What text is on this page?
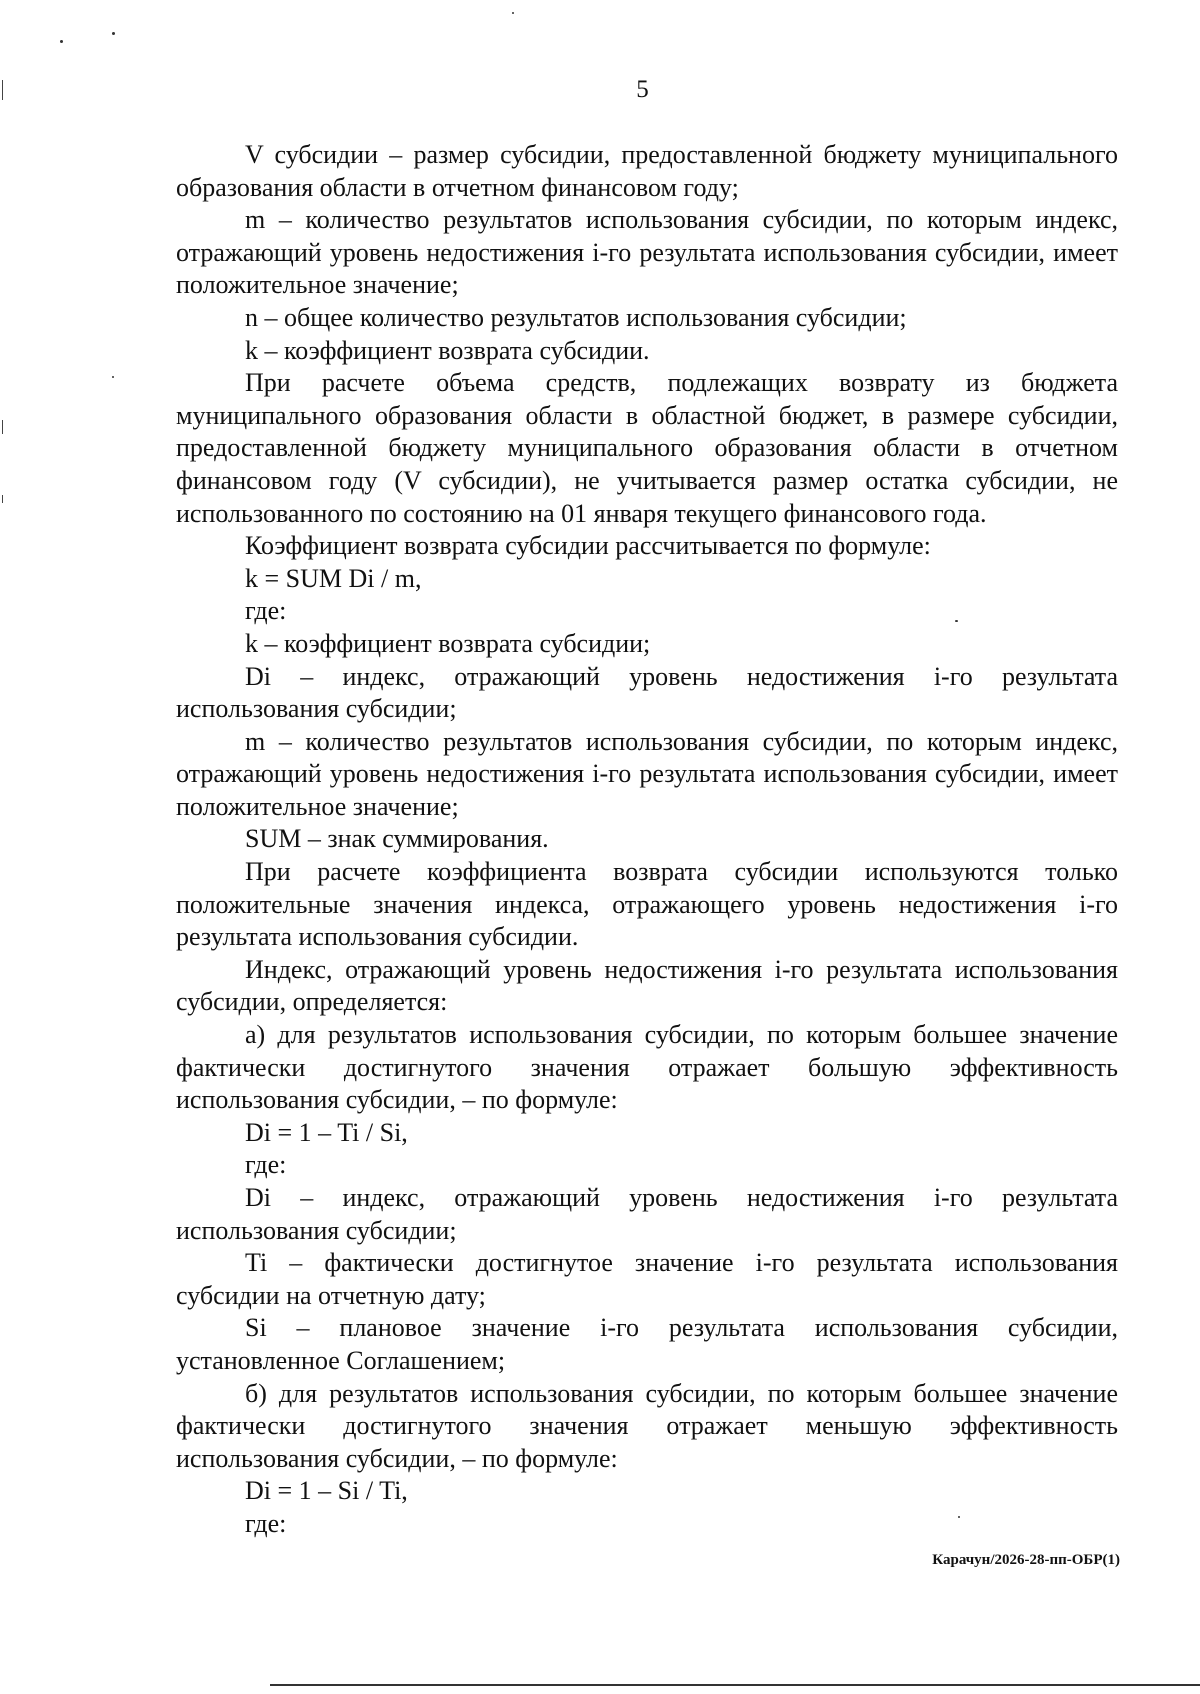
5

V субсидии – размер субсидии, предоставленной бюджету муниципального образования области в отчетном финансовом году;

m – количество результатов использования субсидии, по которым индекс, отражающий уровень недостижения i-го результата использования субсидии, имеет положительное значение;

n – общее количество результатов использования субсидии;

k – коэффициент возврата субсидии.

При расчете объема средств, подлежащих возврату из бюджета муниципального образования области в областной бюджет, в размере субсидии, предоставленной бюджету муниципального образования области в отчетном финансовом году (V субсидии), не учитывается размер остатка субсидии, не использованного по состоянию на 01 января текущего финансового года.

Коэффициент возврата субсидии рассчитывается по формуле:

k = SUM Di / m,

где:

k – коэффициент возврата субсидии;

Di – индекс, отражающий уровень недостижения i-го результата использования субсидии;

m – количество результатов использования субсидии, по которым индекс, отражающий уровень недостижения i-го результата использования субсидии, имеет положительное значение;

SUM – знак суммирования.

При расчете коэффициента возврата субсидии используются только положительные значения индекса, отражающего уровень недостижения i-го результата использования субсидии.

Индекс, отражающий уровень недостижения i-го результата использования субсидии, определяется:

а) для результатов использования субсидии, по которым большее значение фактически достигнутого значения отражает большую эффективность использования субсидии, – по формуле:

Di = 1 – Ti / Si,

где:

Di – индекс, отражающий уровень недостижения i-го результата использования субсидии;

Ti – фактически достигнутое значение i-го результата использования субсидии на отчетную дату;

Si – плановое значение i-го результата использования субсидии, установленное Соглашением;

б) для результатов использования субсидии, по которым большее значение фактически достигнутого значения отражает меньшую эффективность использования субсидии, – по формуле:

Di = 1 – Si / Ti,

где:

Карачун/2026-28-пп-ОБР(1)
